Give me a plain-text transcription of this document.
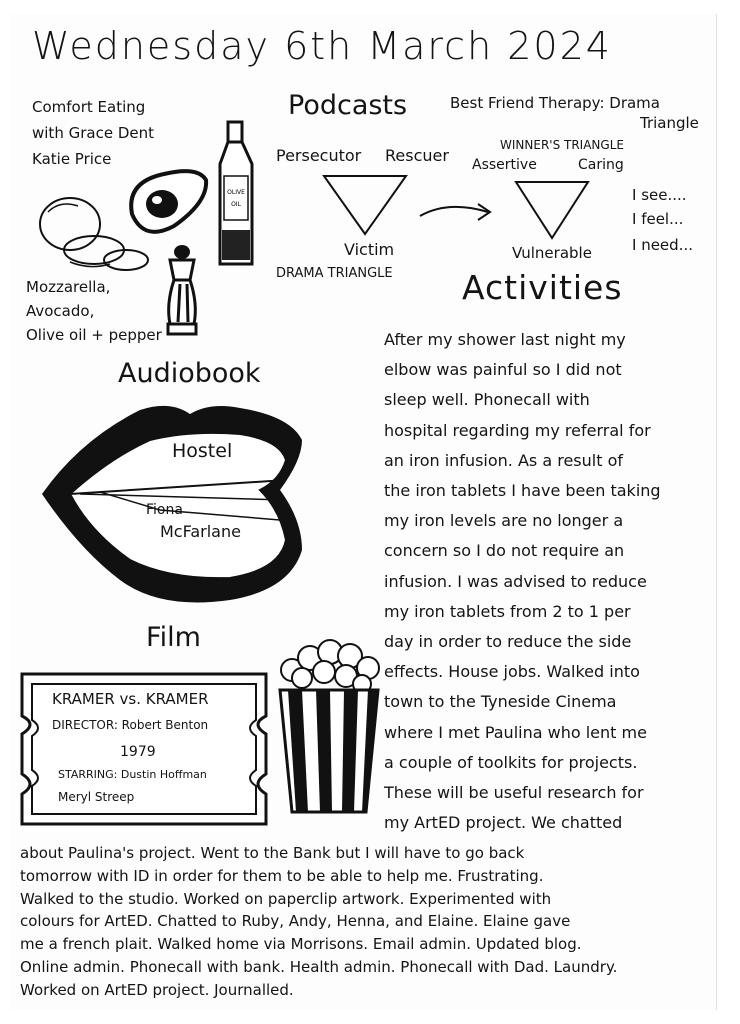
Wednesday 6th March 2024
Podcasts
Comfort Eating
with Grace Dent
Katie Price
Best Friend Therapy: Drama
Triangle
Persecutor Rescuer
Victim
DRAMA TRIANGLE
WINNER'S TRIANGLE
Assertive	Caring
Vulnerable
I see....
I feel...
I need...
OLIVE
OIL
Mozzarella,
Avocado,
Olive oil + pepper
Audiobook
Hostel
Fiona
McFarlane
Film
KRAMER vs. KRAMER
DIRECTOR: Robert Benton
1979
STARRING: Dustin Hoffman
Meryl Streep
Activities
After my shower last night my
elbow was painful so I did not
sleep well. Phonecall with
hospital regarding my referral for
an iron infusion. As a result of
the iron tablets I have been taking
my iron levels are no longer a
concern so I do not require an
infusion. I was advised to reduce
my iron tablets from 2 to 1 per
day in order to reduce the side
effects. House jobs. Walked into
town to the Tyneside Cinema
where I met Paulina who lent me
a couple of toolkits for projects.
These will be useful research for
my ArtED project. We chatted
about Paulina's project. Went to the Bank but I will have to go back
tomorrow with ID in order for them to be able to help me. Frustrating.
Walked to the studio. Worked on paperclip artwork. Experimented with
colours for ArtED. Chatted to Ruby, Andy, Henna, and Elaine. Elaine gave
me a french plait. Walked home via Morrisons. Email admin. Updated blog.
Online admin. Phonecall with bank. Health admin. Phonecall with Dad. Laundry.
Worked on ArtED project. Journalled.
